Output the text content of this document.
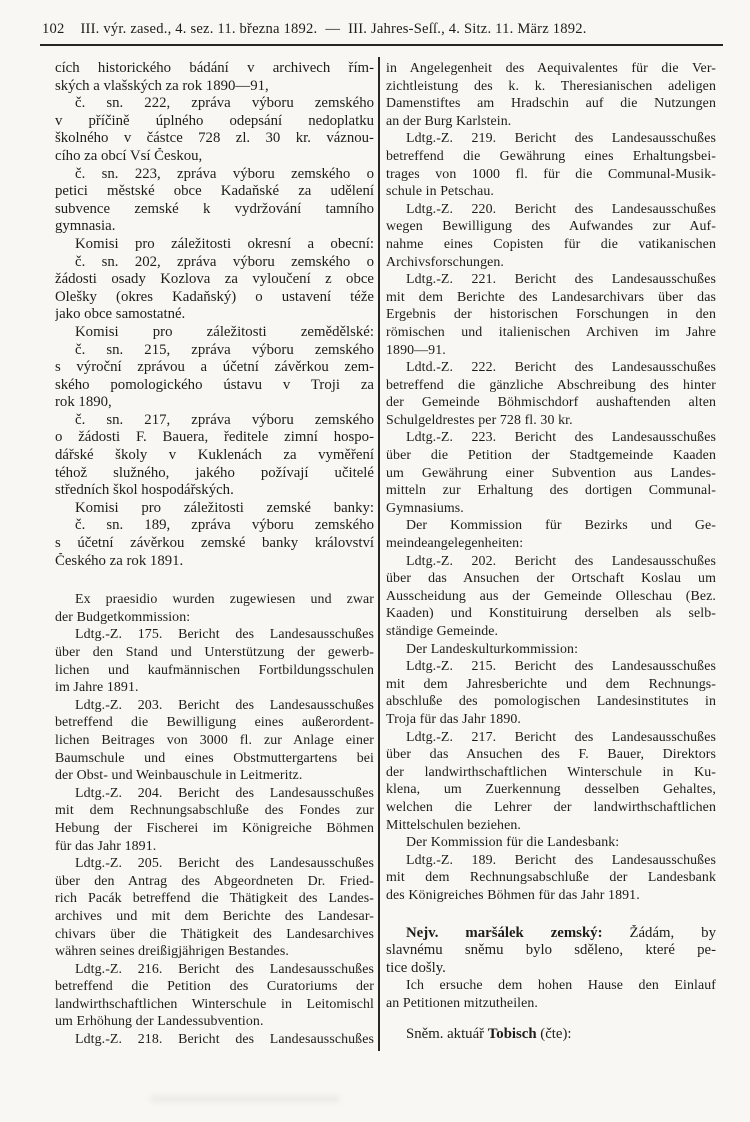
102 III. výr. zased., 4. sez. 11. března 1892. — III. Jahres-Seſſ., 4. Sitz. 11. März 1892.
cích historického bádání v archivech řím-
ských a vlašských za rok 1890—91,
č. sn. 222, zpráva výboru zemského
v příčině úplného odepsání nedoplatku
školného v částce 728 zl. 30 kr. váznou-
cího za obcí Vsí Českou,
č. sn. 223, zpráva výboru zemského o
petici městské obce Kadaňské za udělení
subvence zemské k vydržování tamního
gymnasia.
Komisi pro záležitosti okresní a obecní:
č. sn. 202, zpráva výboru zemského o
žádosti osady Kozlova za vyloučení z obce
Olešky (okres Kadaňský) o ustavení téže
jako obce samostatné.
Komisi pro záležitosti zemědělské:
č. sn. 215, zpráva výboru zemského
s výroční zprávou a účetní závěrkou zem-
ského pomologického ústavu v Troji za
rok 1890,
č. sn. 217, zpráva výboru zemského
o žádosti F. Bauera, ředitele zimní hospo-
dářské školy v Kuklenách za vyměření
téhož služného, jakého požívají učitelé
středních škol hospodářských.
Komisi pro záležitosti zemské banky:
č. sn. 189, zpráva výboru zemského
s účetní závěrkou zemské banky království
Českého za rok 1891.
Ex praesidio wurden zugewiesen und zwar
der Budgetkommission:
Ldtg.-Z. 175. Bericht des Landesausschußes
über den Stand und Unterstützung der gewerb-
lichen und kaufmännischen Fortbildungsschulen
im Jahre 1891.
Ldtg.-Z. 203. Bericht des Landesausschußes
betreffend die Bewilligung eines außerordent-
lichen Beitrages von 3000 fl. zur Anlage einer
Baumschule und eines Obstmuttergartens bei
der Obst- und Weinbauschule in Leitmeritz.
Ldtg.-Z. 204. Bericht des Landesausschußes
mit dem Rechnungsabschluße des Fondes zur
Hebung der Fischerei im Königreiche Böhmen
für das Jahr 1891.
Ldtg.-Z. 205. Bericht des Landesausschußes
über den Antrag des Abgeordneten Dr. Fried-
rich Pacák betreffend die Thätigkeit des Landes-
archives und mit dem Berichte des Landesar-
chivars über die Thätigkeit des Landesarchives
währen seines dreißigjährigen Bestandes.
Ldtg.-Z. 216. Bericht des Landesausschußes
betreffend die Petition des Curatoriums der
landwirthschaftlichen Winterschule in Leitomischl
um Erhöhung der Landessubvention.
Ldtg.-Z. 218. Bericht des Landesausschußes
in Angelegenheit des Aequivalentes für die Ver-
zichtleistung des k. k. Theresianischen adeligen
Damenstiftes am Hradschin auf die Nutzungen
an der Burg Karlstein.
Ldtg.-Z. 219. Bericht des Landesausschußes
betreffend die Gewährung eines Erhaltungsbei-
trages von 1000 fl. für die Communal-Musik-
schule in Petschau.
Ldtg.-Z. 220. Bericht des Landesausschußes
wegen Bewilligung des Aufwandes zur Auf-
nahme eines Copisten für die vatikanischen
Archivsforschungen.
Ldtg.-Z. 221. Bericht des Landesausschußes
mit dem Berichte des Landesarchivars über das
Ergebnis der historischen Forschungen in den
römischen und italienischen Archiven im Jahre
1890—91.
Ldtd.-Z. 222. Bericht des Landesausschußes
betreffend die gänzliche Abschreibung des hinter
der Gemeinde Böhmischdorf aushaftenden alten
Schulgeldrestes per 728 fl. 30 kr.
Ldtg.-Z. 223. Bericht des Landesausschußes
über die Petition der Stadtgemeinde Kaaden
um Gewährung einer Subvention aus Landes-
mitteln zur Erhaltung des dortigen Communal-
Gymnasiums.
Der Kommission für Bezirks und Ge-
meindeangelegenheiten:
Ldtg.-Z. 202. Bericht des Landesausschußes
über das Ansuchen der Ortschaft Koslau um
Ausscheidung aus der Gemeinde Olleschau (Bez.
Kaaden) und Konstituirung derselben als selb-
ständige Gemeinde.
Der Landeskulturkommission:
Ldtg.-Z. 215. Bericht des Landesausschußes
mit dem Jahresberichte und dem Rechnungs-
abschluße des pomologischen Landesinstitutes in
Troja für das Jahr 1890.
Ldtg.-Z. 217. Bericht des Landesausschußes
über das Ansuchen des F. Bauer, Direktors
der landwirthschaftlichen Winterschule in Ku-
klena, um Zuerkennung desselben Gehaltes,
welchen die Lehrer der landwirthschaftlichen
Mittelschulen beziehen.
Der Kommission für die Landesbank:
Ldtg.-Z. 189. Bericht des Landesausschußes
mit dem Rechnungsabschluße der Landesbank
des Königreiches Böhmen für das Jahr 1891.
Nejv. maršálek zemský: Žádám, by
slavnému sněmu bylo sděleno, které pe-
tice došly.
Ich ersuche dem hohen Hause den Einlauf
an Petitionen mitzutheilen.
Sněm. aktuář Tobisch (čte):
